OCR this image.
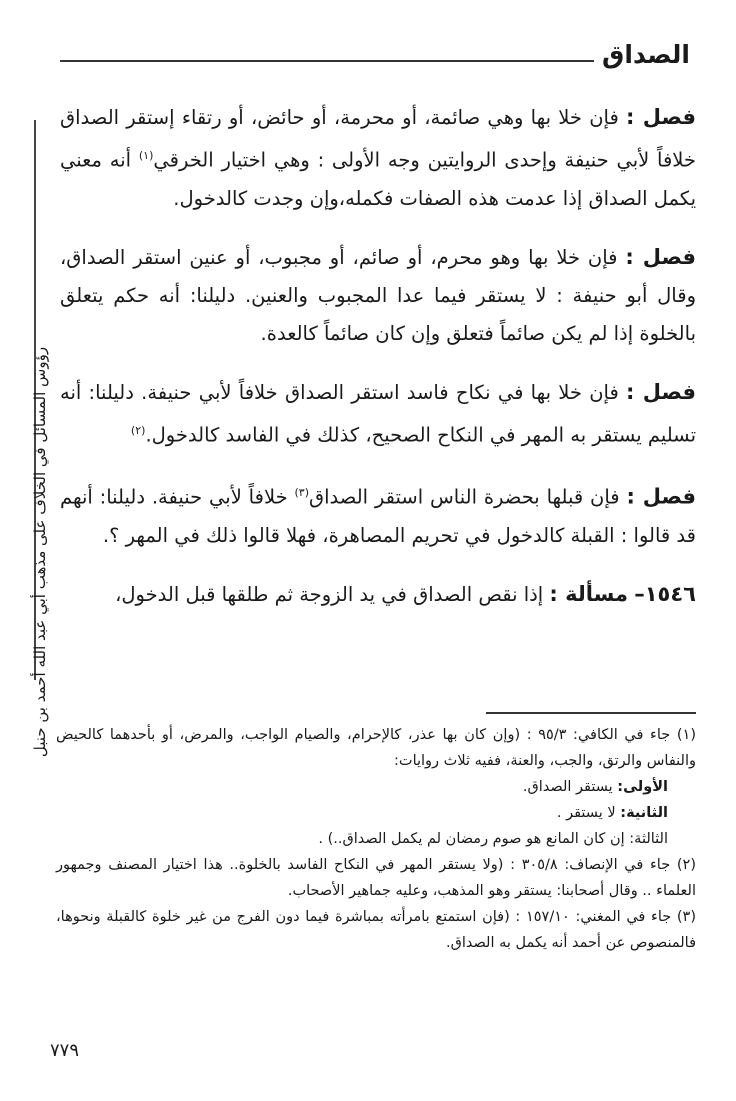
الصداق
رؤوس المسائل في الخلاف على مذهب أبي عبد الله أحمد بن حنبل

فصل : فإن خلا بها وهي صائمة، أو محرمة، أو حائض، أو رتقاء إستقر الصداق خلافاً لأبي حنيفة وإحدى الروايتين وجه الأولى : وهي اختيار الخرقي$^{(١)}$ أنه معني يكمل الصداق إذا عدمت هذه الصفات فكمله،وإن وجدت كالدخول.

فصل : فإن خلا بها وهو محرم، أو صائم، أو مجبوب، أو عنين استقر الصداق، وقال أبو حنيفة : لا يستقر فيما عدا المجبوب والعنين. دليلنا: أنه حكم يتعلق بالخلوة إذا لم يكن صائماً فتعلق وإن كان صائماً كالعدة.

فصل : فإن خلا بها في نكاح فاسد استقر الصداق خلافاً لأبي حنيفة. دليلنا: أنه تسليم يستقر به المهر في النكاح الصحيح، كذلك في الفاسد كالدخول.$^{(٢)}$

فصل : فإن قبلها بحضرة الناس استقر الصداق$^{(٣)}$ خلافاً لأبي حنيفة. دليلنا: أنهم قد قالوا : القبلة كالدخول في تحريم المصاهرة، فهلا قالوا ذلك في المهر ؟.

١٥٤٦– مسألة : إذا نقص الصداق في يد الزوجة ثم طلقها قبل الدخول،

(١) جاء في الكافي: ٩٥/٣ : (وإن كان بها عذر، كالإحرام، والصيام الواجب، والمرض، أو بأحدهما كالحيض والنفاس والرتق، والجب، والعنة، ففيه ثلاث روايات:

الأولى: يستقر الصداق.

الثانية: لا يستقر .

الثالثة: إن كان المانع هو صوم رمضان لم يكمل الصداق..) .

(٢) جاء في الإنصاف: ٣٠٥/٨ : (ولا يستقر المهر في النكاح الفاسد بالخلوة.. هذا اختيار المصنف وجمهور العلماء .. وقال أصحابنا: يستقر وهو المذهب، وعليه جماهير الأصحاب.

(٣) جاء في المغني: ١٥٧/١٠ : (فإن استمتع بامرأته بمباشرة فيما دون الفرج من غير خلوة كالقبلة ونحوها، فالمنصوص عن أحمد أنه يكمل به الصداق.

٧٧٩
